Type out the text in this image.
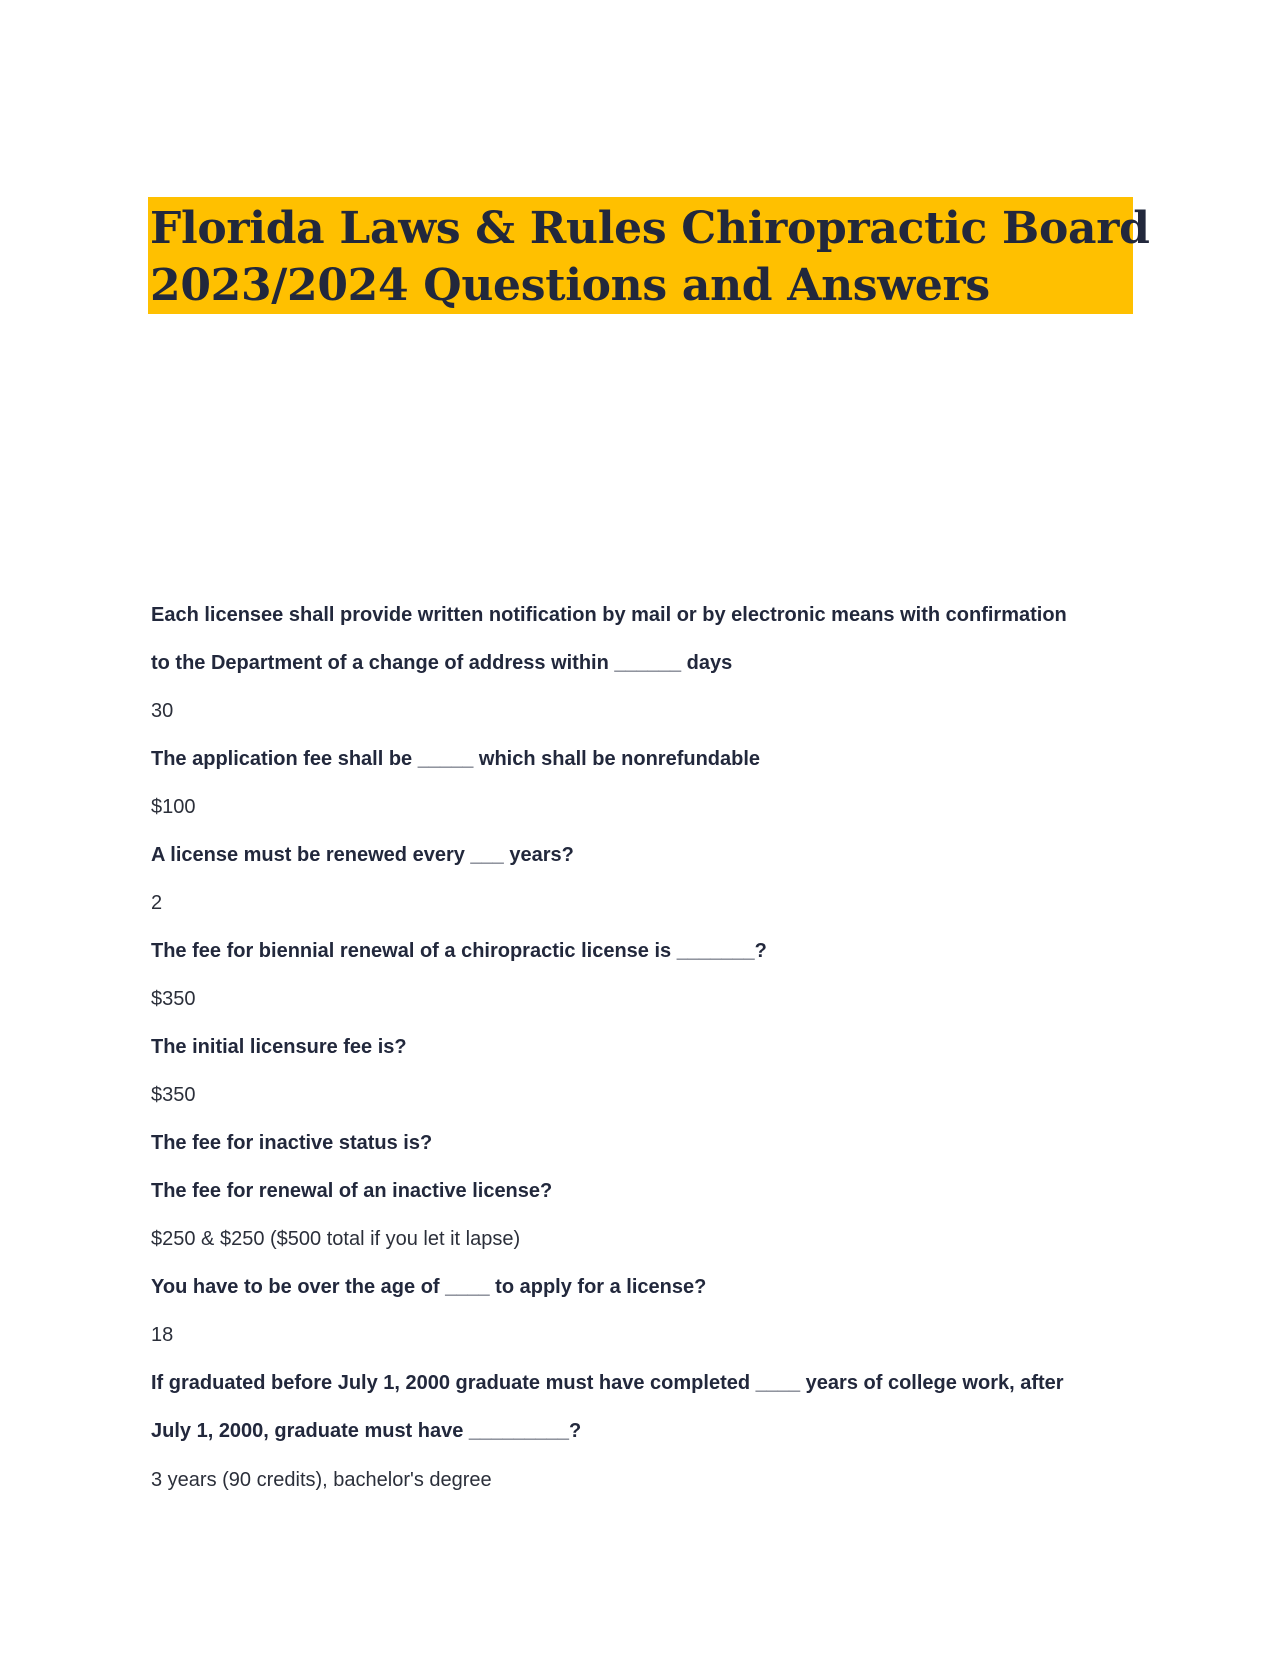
Florida Laws & Rules Chiropractic Board
2023/2024 Questions and Answers
Each licensee shall provide written notification by mail or by electronic means with confirmation
to the Department of a change of address within ______ days
30
The application fee shall be _____ which shall be nonrefundable
$100
A license must be renewed every ___ years?
2
The fee for biennial renewal of a chiropractic license is _______?
$350
The initial licensure fee is?
$350
The fee for inactive status is?
The fee for renewal of an inactive license?
$250 & $250 ($500 total if you let it lapse)
You have to be over the age of ____ to apply for a license?
18
If graduated before July 1, 2000 graduate must have completed ____ years of college work, after
July 1, 2000, graduate must have _________?
3 years (90 credits), bachelor's degree
